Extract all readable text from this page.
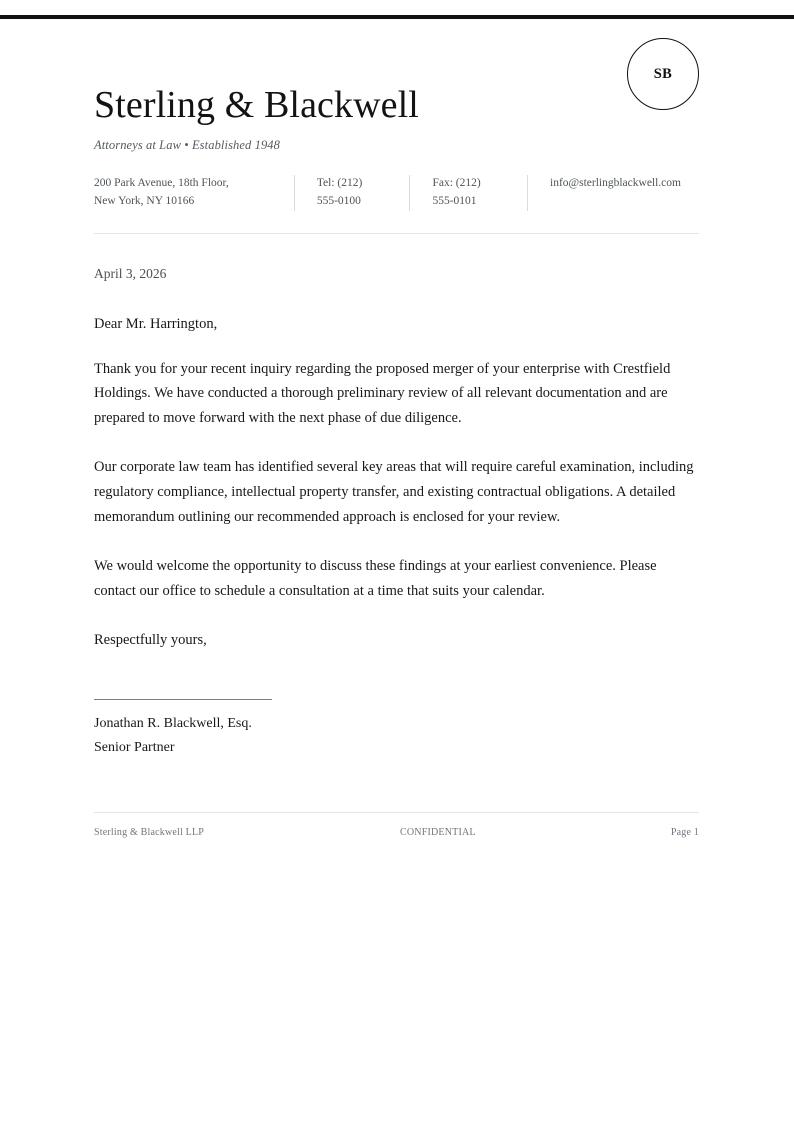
SB
Sterling & Blackwell

Attorneys at Law • Established 1948

200 Park Avenue, 18th Floor,
New York, NY 10166
Tel: (212)
555-0100
Fax: (212)
555-0101
info@sterlingblackwell.com
April 3, 2026
Dear Mr. Harrington,

Thank you for your recent inquiry regarding the proposed merger of your enterprise with Crestfield Holdings. We have conducted a thorough preliminary review of all relevant documentation and are prepared to move forward with the next phase of due diligence.

Our corporate law team has identified several key areas that will require careful examination, including regulatory compliance, intellectual property transfer, and existing contractual obligations. A detailed memorandum outlining our recommended approach is enclosed for your review.

We would welcome the opportunity to discuss these findings at your earliest convenience. Please contact our office to schedule a consultation at a time that suits your calendar.

Respectfully yours,
Jonathan R. Blackwell, Esq.
Senior Partner
Sterling & Blackwell LLP	CONFIDENTIAL	Page 1
